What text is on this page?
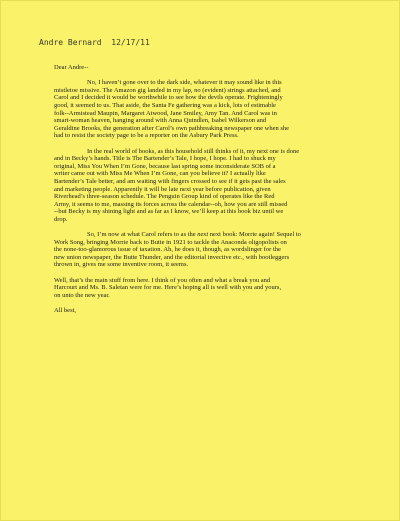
Andre Bernard 12/17/11

Dear Andre--

No, I haven’t gone over to the dark side, whatever it may sound like in this
mistletoe missive. The Amazon gig landed in my lap, no (evident) strings attached, and
Carol and I decided it would be worthwhile to see how the devils operate. Frighteningly
good, it seemed to us. That aside, the Santa Fe gathering was a kick, lots of estimable
folk--Armistead Maupin, Margaret Atwood, Jane Smiley, Amy Tan. And Carol was in
smart-woman heaven, hanging around with Anna Quindlen, Isabel Wilkerson and
Geraldine Brooks, the generation after Carol’s own pathbreaking newspaper one when she
had to resist the society page to be a reporter on the Asbury Park Press.

In the real world of books, as this household still thinks of it, my next one is done
and in Becky’s hands. Title is The Bartender’s Tale, I hope, I hope. I had to shuck my
original, Miss You When I’m Gone, because last spring some inconsiderate SOB of a
writer came out with Miss Me When I’m Gone, can you believe it? I actually like
Bartender’s Tale better, and am waiting with fingers crossed to see if it gets past the sales
and marketing people. Apparently it will be late next year before publication, given
Riverhead’s three-season schedule. The Penguin Group kind of operates like the Red
Army, it seems to me, massing its forces across the calendar--oh, how you are still missed
--but Becky is my shining light and as far as I know, we’ll keep at this book biz until we
drop.

So, I’m now at what Carol refers to as the next next book: Morrie again! Sequel to
Work Song, bringing Morrie back to Butte in 1921 to tackle the Anaconda oligopolists on
the none-too-glamorous issue of taxation. Ah, he does it, though, as wordslinger for the
new union newspaper, the Butte Thunder, and the editorial invective etc., with bootleggers
thrown in, gives me some inventive room, it seems.

Well, that’s the main stuff from here. I think of you often and what a break you and
Harcourt and Ms. B. Saletan were for me. Here’s hoping all is well with you and yours,
on unto the new year.

All best,
